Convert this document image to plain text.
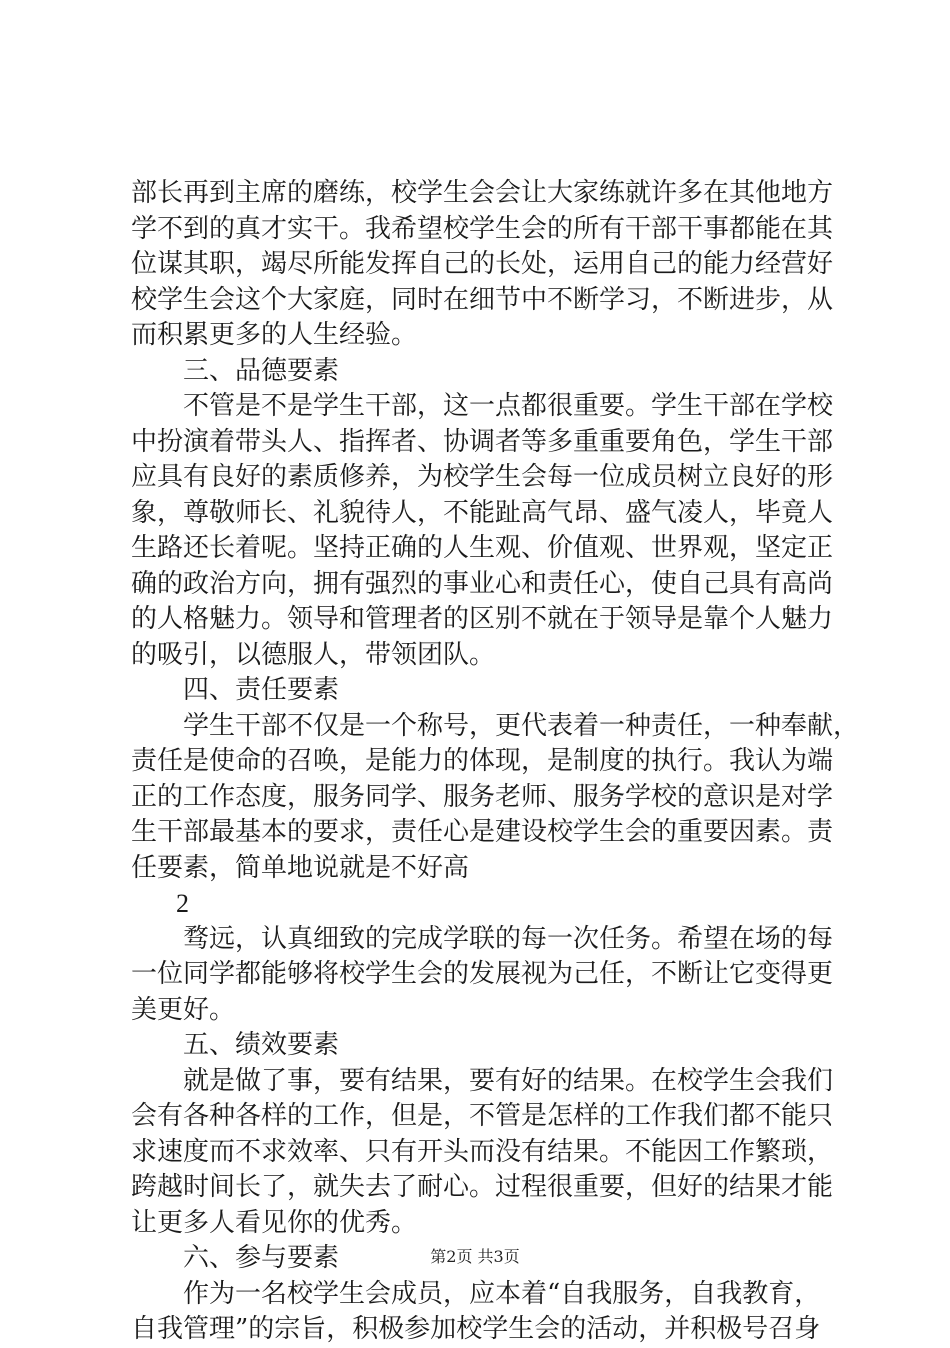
部长再到主席的磨练，校学生会会让大家练就许多在其他地方
学不到的真才实干。我希望校学生会的所有干部干事都能在其
位谋其职，竭尽所能发挥自己的长处，运用自己的能力经营好
校学生会这个大家庭，同时在细节中不断学习，不断进步，从
而积累更多的人生经验。
三、品德要素
不管是不是学生干部，这一点都很重要。学生干部在学校
中扮演着带头人、指挥者、协调者等多重重要角色，学生干部
应具有良好的素质修养，为校学生会每一位成员树立良好的形
象，尊敬师长、礼貌待人，不能趾高气昂、盛气凌人，毕竟人
生路还长着呢。坚持正确的人生观、价值观、世界观，坚定正
确的政治方向，拥有强烈的事业心和责任心，使自己具有高尚
的人格魅力。领导和管理者的区别不就在于领导是靠个人魅力
的吸引，以德服人，带领团队。
四、责任要素
学生干部不仅是一个称号，更代表着一种责任，一种奉献，
责任是使命的召唤，是能力的体现，是制度的执行。我认为端
正的工作态度，服务同学、服务老师、服务学校的意识是对学
生干部最基本的要求，责任心是建设校学生会的重要因素。责
任要素，简单地说就是不好高
2
骛远，认真细致的完成学联的每一次任务。希望在场的每
一位同学都能够将校学生会的发展视为己任，不断让它变得更
美更好。
五、绩效要素
就是做了事，要有结果，要有好的结果。在校学生会我们
会有各种各样的工作，但是，不管是怎样的工作我们都不能只
求速度而不求效率、只有开头而没有结果。不能因工作繁琐，
跨越时间长了，就失去了耐心。过程很重要，但好的结果才能
让更多人看见你的优秀。
六、参与要素
作为一名校学生会成员，应本着“自我服务，自我教育，
自我管理”的宗旨，积极参加校学生会的活动，并积极号召身
第2页 共3页
